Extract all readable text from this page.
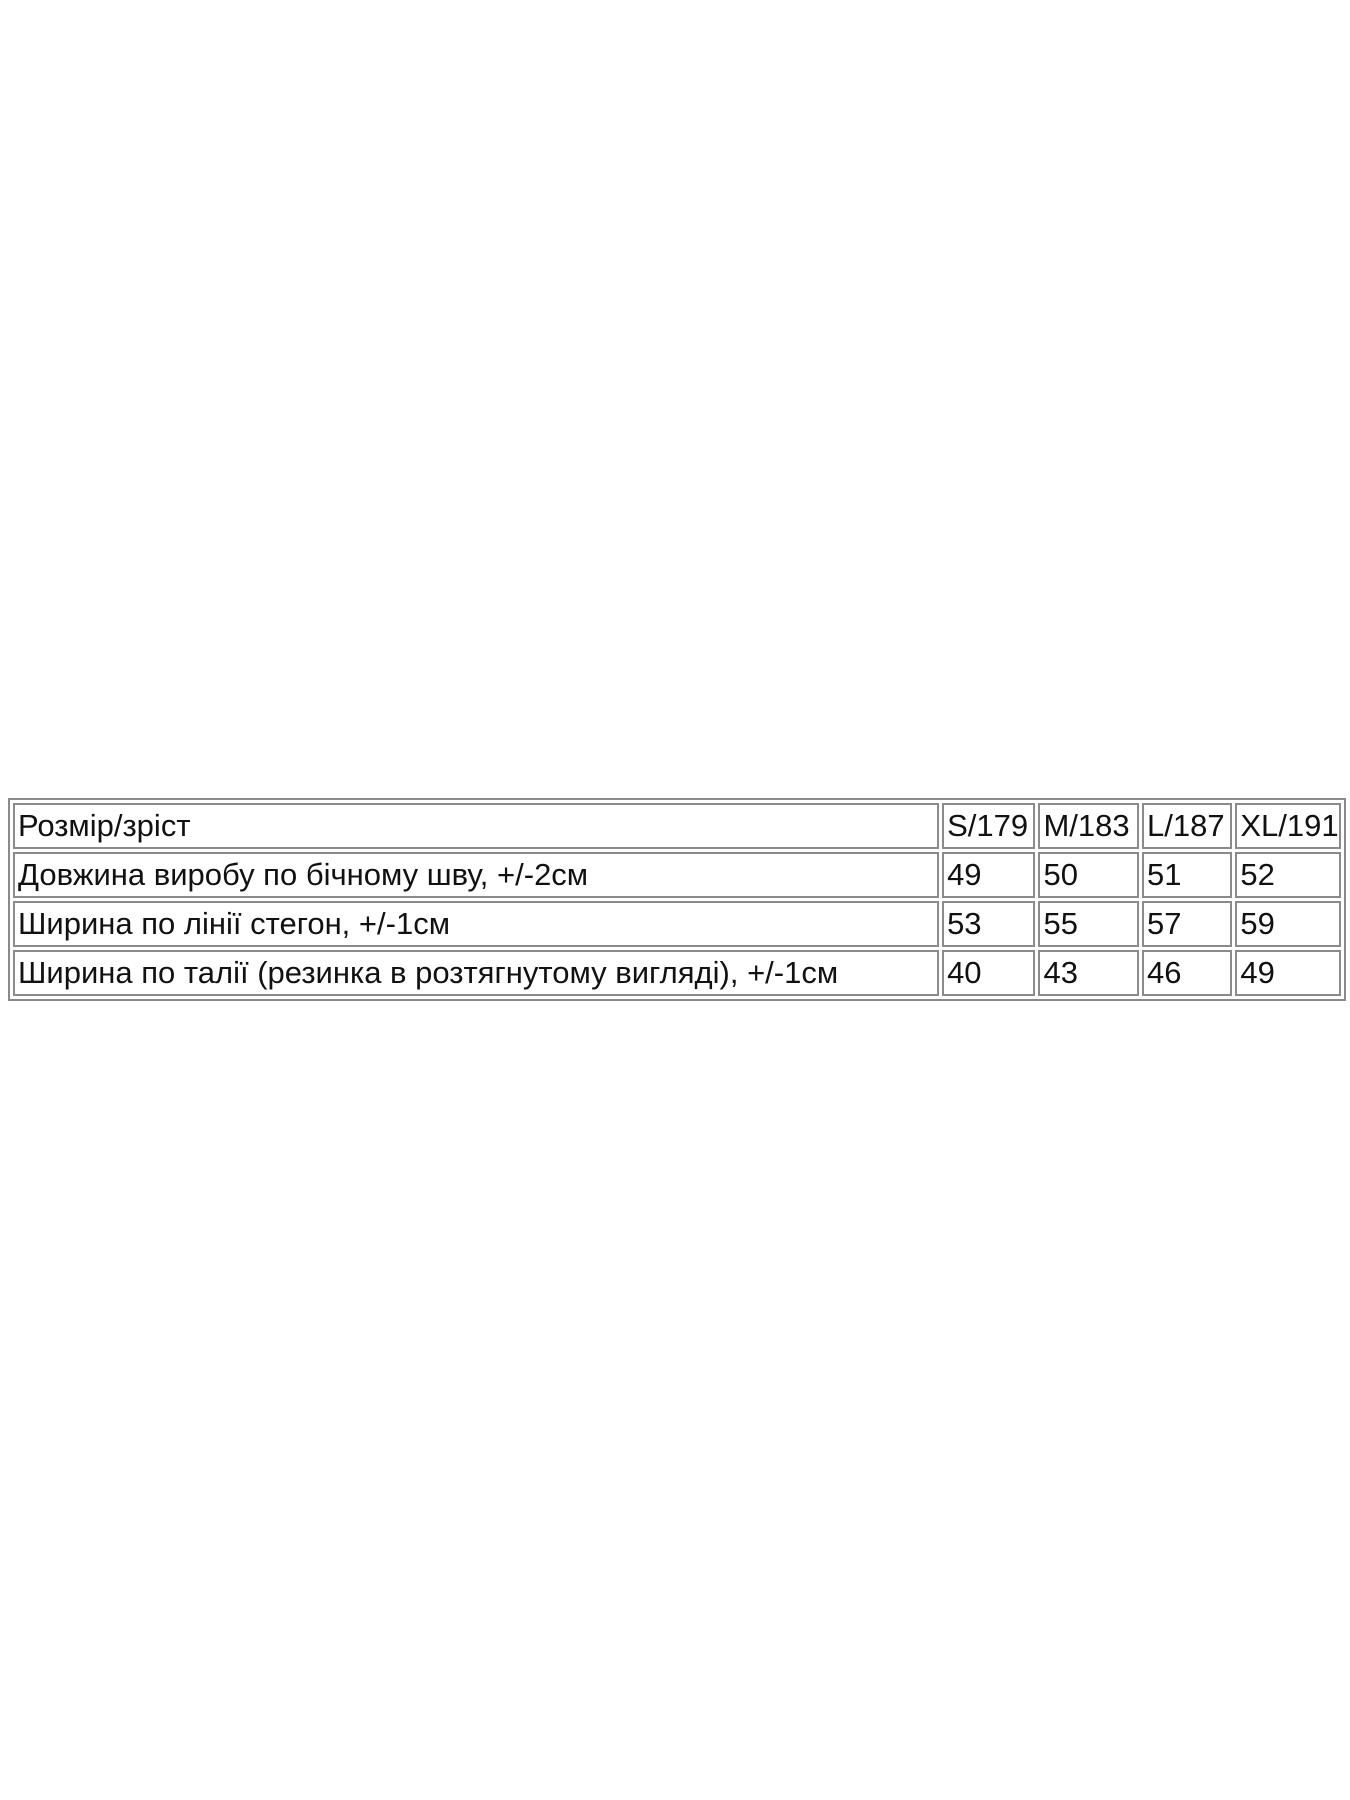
Розмір/зріст	S/179	M/183	L/187	XL/191
Довжина виробу по бічному шву, +/-2см	49	50	51	52
Ширина по лінії стегон, +/-1см	53	55	57	59
Ширина по талії (резинка в розтягнутому вигляді), +/-1см	40	43	46	49
